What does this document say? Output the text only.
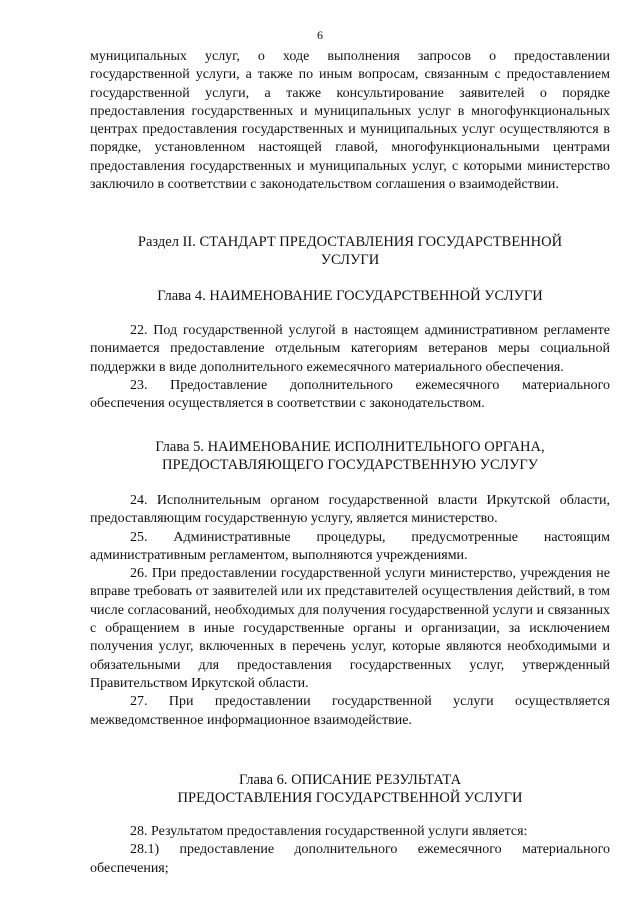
6

муниципальных услуг, о ходе выполнения запросов о предоставлении государственной услуги, а также по иным вопросам, связанным с предоставлением государственной услуги, а также консультирование заявителей о порядке предоставления государственных и муниципальных услуг в многофункциональных центрах предоставления государственных и муниципальных услуг осуществляются в порядке, установленном настоящей главой, многофункциональными центрами предоставления государственных и муниципальных услуг, с которыми министерство заключило в соответствии с законодательством соглашения о взаимодействии.

Раздел II. СТАНДАРТ ПРЕДОСТАВЛЕНИЯ ГОСУДАРСТВЕННОЙ
УСЛУГИ
Глава 4. НАИМЕНОВАНИЕ ГОСУДАРСТВЕННОЙ УСЛУГИ

22. Под государственной услугой в настоящем административном регламенте понимается предоставление отдельным категориям ветеранов меры социальной поддержки в виде дополнительного ежемесячного материального обеспечения.

23. Предоставление дополнительного ежемесячного материального обеспечения осуществляется в соответствии с законодательством.

Глава 5. НАИМЕНОВАНИЕ ИСПОЛНИТЕЛЬНОГО ОРГАНА,
ПРЕДОСТАВЛЯЮЩЕГО ГОСУДАРСТВЕННУЮ УСЛУГУ

24. Исполнительным органом государственной власти Иркутской области, предоставляющим государственную услугу, является министерство.

25. Административные процедуры, предусмотренные настоящим административным регламентом, выполняются учреждениями.

26. При предоставлении государственной услуги министерство, учреждения не вправе требовать от заявителей или их представителей осуществления действий, в том числе согласований, необходимых для получения государственной услуги и связанных с обращением в иные государственные органы и организации, за исключением получения услуг, включенных в перечень услуг, которые являются необходимыми и обязательными для предоставления государственных услуг, утвержденный Правительством Иркутской области.

27. При предоставлении государственной услуги осуществляется межведомственное информационное взаимодействие.

Глава 6. ОПИСАНИЕ РЕЗУЛЬТАТА
ПРЕДОСТАВЛЕНИЯ ГОСУДАРСТВЕННОЙ УСЛУГИ

28. Результатом предоставления государственной услуги является:

28.1) предоставление дополнительного ежемесячного материального обеспечения;
